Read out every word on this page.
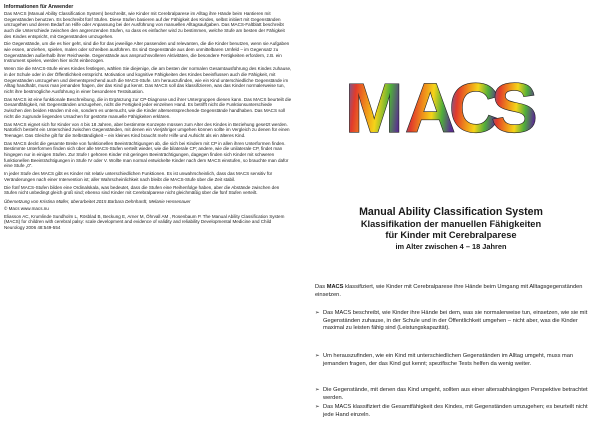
Informationen für Anwender

Das MACS (Manual Ability Classification System) beschreibt, wie Kinder mit Cerebralparese im Alltag ihre Hände beim Hantieren mit Gegenständen benutzen. Es beschreibt fünf Stufen. Diese Stufen basieren auf der Fähigkeit des Kindes, selbst initiiert mit Gegenständen umzugehen und deren Bedarf an Hilfe oder Anpassung bei der Ausführung von manuellen Alltagsaufgaben. Das MACS-Faltblatt beschreibt auch die Unterschiede zwischen den angrenzenden Stufen, so dass es einfacher wird zu bestimmen, welche Stufe am besten der Fähigkeit des Kindes entspricht, mit Gegenständen umzugehen.

Die Gegenstände, um die es hier geht, sind die für das jeweilige Alter passenden und relevanten, die die Kinder benutzen, wenn sie Aufgaben wie essen, anziehen, spielen, malen oder schreiben ausführen. Es sind Gegenstände aus dem unmittelbaren Umfeld – im Gegensatz zu Gegenständen außerhalb ihrer Reichweite. Gegenstände aus anspruchsvolleren Aktivitäten, die besondere Fertigkeiten erfordern, z.B. ein Instrument spielen, werden hier nicht einbezogen.

Wenn Sie die MACS-Stufe eines Kindes festlegen, wählen Sie diejenige, die am besten der normalen Gesamtausführung des Kindes zuhause, in der Schule oder in der Öffentlichkeit entspricht. Motivation und kognitive Fähigkeiten des Kindes beeinflussen auch die Fähigkeit, mit Gegenständen umzugehen und dementsprechend auch die MACS-Stufe. Um herauszufinden, wie ein Kind unterschiedliche Gegenstände im Alltag handhabt, muss man jemanden fragen, der das Kind gut kennt. Das MACS soll das klassifizieren, was das Kinder normalerweise tun, nicht ihre bestmögliche Ausführung in einer besonderen Testsituation.

Das MACS ist eine funktionale Beschreibung, die in Ergänzung zur CP-Diagnose und ihrer Untergruppen dienen kann. Das MACS beurteilt die Gesamtfähigkeit, mit Gegenständen umzugehen, nicht die Fertigkeit jeder einzelnen Hand. Es betrifft nicht die Funktionsunterschiede zwischen den beiden Händen mit ein, sondern es untersucht, wie die Kinder altersentsprechende Gegenstände handhaben. Das MACS soll nicht die zugrunde liegenden Ursachen für gestörte manuelle Fähigkeiten erklären.

Das MACS eignet sich für Kinder von 4 bis 18 Jahren, aber bestimmte Konzepte müssen zum Alter des Kindes in Beziehung gesetzt werden. Natürlich besteht ein Unterschied zwischen Gegenständen, mit denen ein Vierjähriger umgehen können sollte im Vergleich zu denen für einen Teenager. Das Gleiche gilt für die Selbständigkeit – ein kleines Kind braucht mehr Hilfe und Aufsicht als ein älteres Kind.

Das MACS deckt die gesamte Breite von funktionellen Beeinträchtigungen ab, die sich bei Kindern mit CP in allen ihren Unterformen finden. Bestimmte Unterformen finden sich über alle MACS-Stufen verteilt wieder, wie die bilaterale CP; andere, wie die unilaterale CP, findet man hingegen nur in einigen Stufen. Zur Stufe I gehören Kinder mit geringen Beeinträchtigungen, dagegen finden sich Kinder mit schweren funktionellen Beeinträchtigungen in Stufe IV oder V. Wollte man normal entwickelte Kinder nach dem MACS einstufen, so brauchte man dafür eine Stufe „0“.

In jeder Stufe des MACS gibt es Kinder mit relativ unterschiedlichen Funktionen. Es ist unwahrscheinlich, dass das MACS sensitiv für Veränderungen nach einer Intervention ist; aller Wahrscheinlichkeit nach bleibt die MACS-Stufe über die Zeit stabil.

Die fünf MACS-Stufen bilden eine Ordinalskala, was bedeutet, dass die Stufen eine Reihenfolge haben, aber die Abstände zwischen den Stufen nicht unbedingt gleich groß sind; ebenso sind Kinder mit Cerebralparese nicht gleichmäßig über die fünf Stufen verteilt.

Übersetzung von Kristina Müller, überarbeitet 2015 Barbara Dehnhardt, Melanie Hessenauer

© Macs www.macs.nu

Eliasson AC, Krumlinde Sundholm L, Rösblad B, Beckung E, Arner M, Öhrvall AM , Rosenbaum P. The Manual Ability Classification System (MACS) for children with cerebral palsy: scale development and evidence of validity and reliability Developmental Medicine and Child Neurology 2006 48:549-554

M A
C
S
Manual Ability Classification System
Klassifikation der manuellen Fähigkeiten
für Kinder mit Cerebralparese
im Alter zwischen 4 – 18 Jahren
Das MACS klassifiziert, wie Kinder mit Cerebralparese ihre Hände beim Umgang mit Alltagsgegenständen einsetzen.
➢ Das MACS beschreibt, wie Kinder ihre Hände bei dem, was sie normalerweise tun, einsetzen, wie sie mit Gegenständen zuhause, in der Schule und in der Öffentlichkeit umgehen – nicht aber, was die Kinder maximal zu leisten fähig sind (Leistungskapazität).
➢ Um herauszufinden, wie ein Kind mit unterschiedlichen Gegenständen im Alltag umgeht, muss man jemanden fragen, der das Kind gut kennt; spezifische Tests helfen da wenig weiter.
➢ Die Gegenstände, mit denen das Kind umgeht, sollten aus einer altersabhängigen Perspektive betrachtet werden.
➢ Das MACS klassifiziert die Gesamtfähigkeit des Kindes, mit Gegenständen umzugehen; es beurteilt nicht jede Hand einzeln.
